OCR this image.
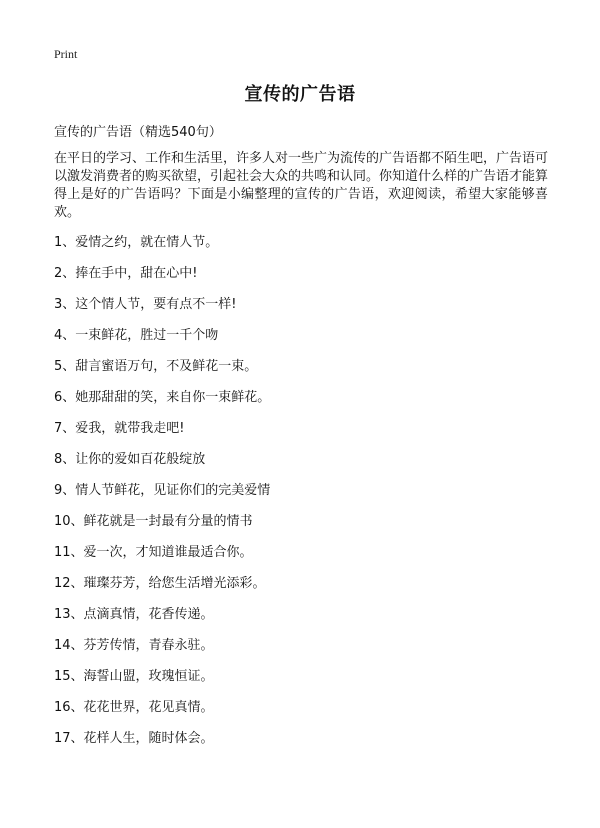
Print
宣传的广告语

宣传的广告语（精选540句）

在平日的学习、工作和生活里，许多人对一些广为流传的广告语都不陌生吧，广告语可以激发消费者的购买欲望，引起社会大众的共鸣和认同。你知道什么样的广告语才能算得上是好的广告语吗？下面是小编整理的宣传的广告语，欢迎阅读，希望大家能够喜欢。

1、爱情之约，就在情人节。
2、捧在手中，甜在心中!
3、这个情人节，要有点不一样!
4、一束鲜花，胜过一千个吻
5、甜言蜜语万句，不及鲜花一束。
6、她那甜甜的笑，来自你一束鲜花。
7、爱我，就带我走吧!
8、让你的爱如百花般绽放
9、情人节鲜花，见证你们的完美爱情
10、鲜花就是一封最有分量的情书
11、爱一次，才知道谁最适合你。
12、璀璨芬芳，给您生活增光添彩。
13、点滴真情，花香传递。
14、芬芳传情，青春永驻。
15、海誓山盟，玫瑰恒证。
16、花花世界，花见真情。
17、花样人生，随时体会。
